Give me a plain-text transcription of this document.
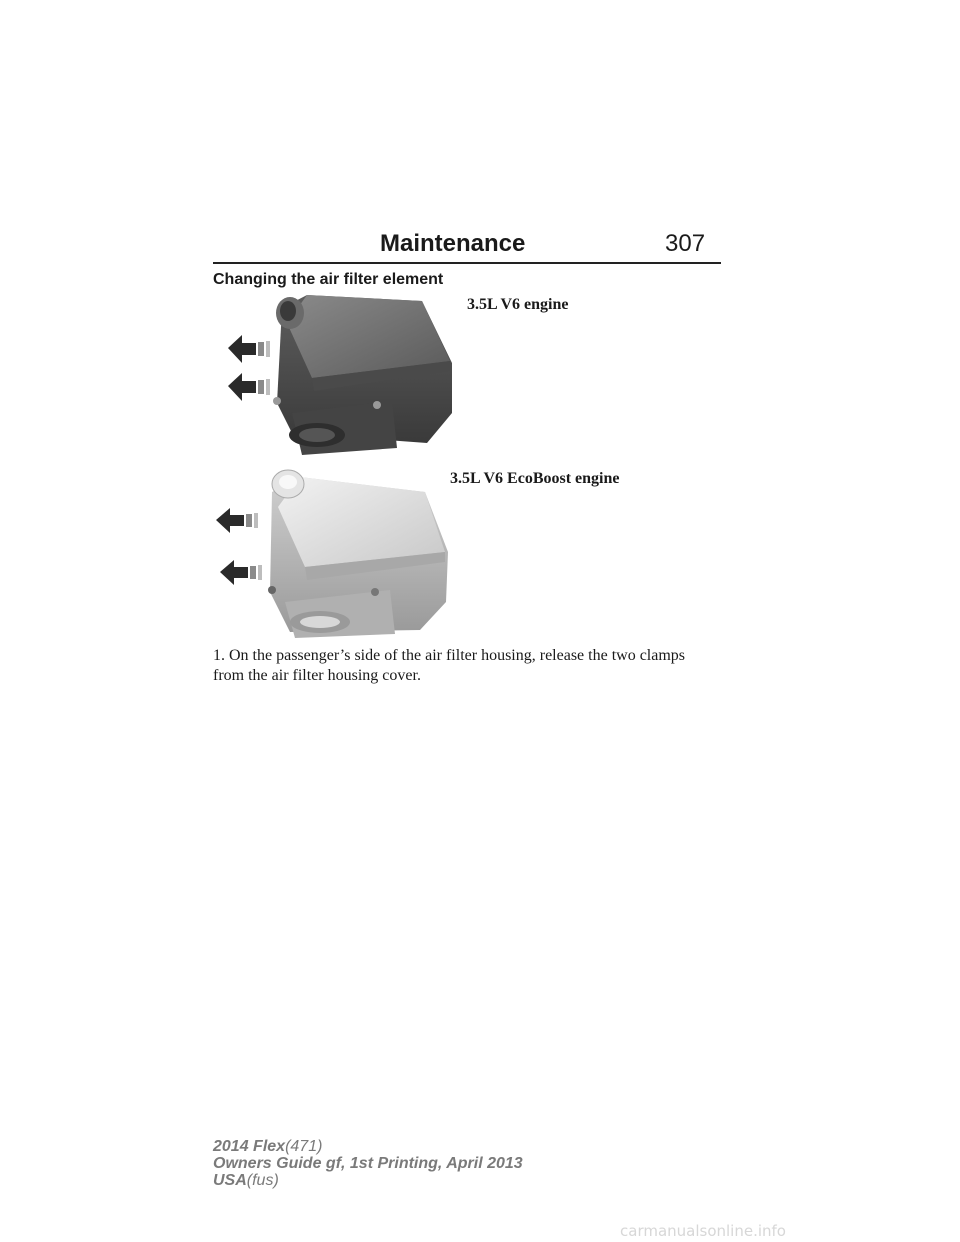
Maintenance	307
Changing the air filter element
3.5L V6 engine
3.5L V6 EcoBoost engine
1. On the passenger’s side of the air filter housing, release the two clamps from the air filter housing cover.
2014 Flex(471)
Owners Guide gf, 1st Printing, April 2013
USA(fus)
carmanualsonline.info
